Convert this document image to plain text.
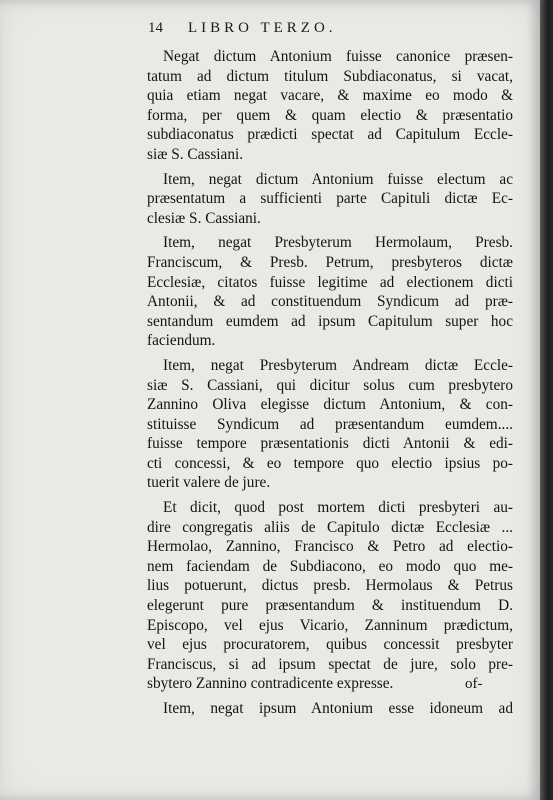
14 LIBRO TERZO.

Negat dictum Antonium fuisse canonice præsen-
tatum ad dictum titulum Subdiaconatus, si vacat,
quia etiam negat vacare, & maxime eo modo &
forma, per quem & quam electio & præsentatio
subdiaconatus prædicti spectat ad Capitulum Eccle-
siæ S. Cassiani.

Item, negat dictum Antonium fuisse electum ac
præsentatum a sufficienti parte Capituli dictæ Ec-
clesiæ S. Cassiani.

Item, negat Presbyterum Hermolaum, Presb.
Franciscum, & Presb. Petrum, presbyteros dictæ
Ecclesiæ, citatos fuisse legitime ad electionem dicti
Antonii, & ad constituendum Syndicum ad præ-
sentandum eumdem ad ipsum Capitulum super hoc
faciendum.

Item, negat Presbyterum Andream dictæ Eccle-
siæ S. Cassiani, qui dicitur solus cum presbytero
Zannino Oliva elegisse dictum Antonium, & con-
stituisse Syndicum ad præsentandum eumdem....
fuisse tempore præsentationis dicti Antonii & edi-
cti concessi, & eo tempore quo electio ipsius po-
tuerit valere de jure.

Et dicit, quod post mortem dicti presbyteri au-
dire congregatis aliis de Capitulo dictæ Ecclesiæ ...
Hermolao, Zannino, Francisco & Petro ad electio-
nem faciendam de Subdiacono, eo modo quo me-
lius potuerunt, dictus presb. Hermolaus & Petrus
elegerunt pure præsentandum & instituendum D.
Episcopo, vel ejus Vicario, Zanninum prædictum,
vel ejus procuratorem, quibus concessit presbyter
Franciscus, si ad ipsum spectat de jure, solo pre-
sbytero Zannino contradicente expresse.

Item, negat ipsum Antonium esse idoneum ad

of-
